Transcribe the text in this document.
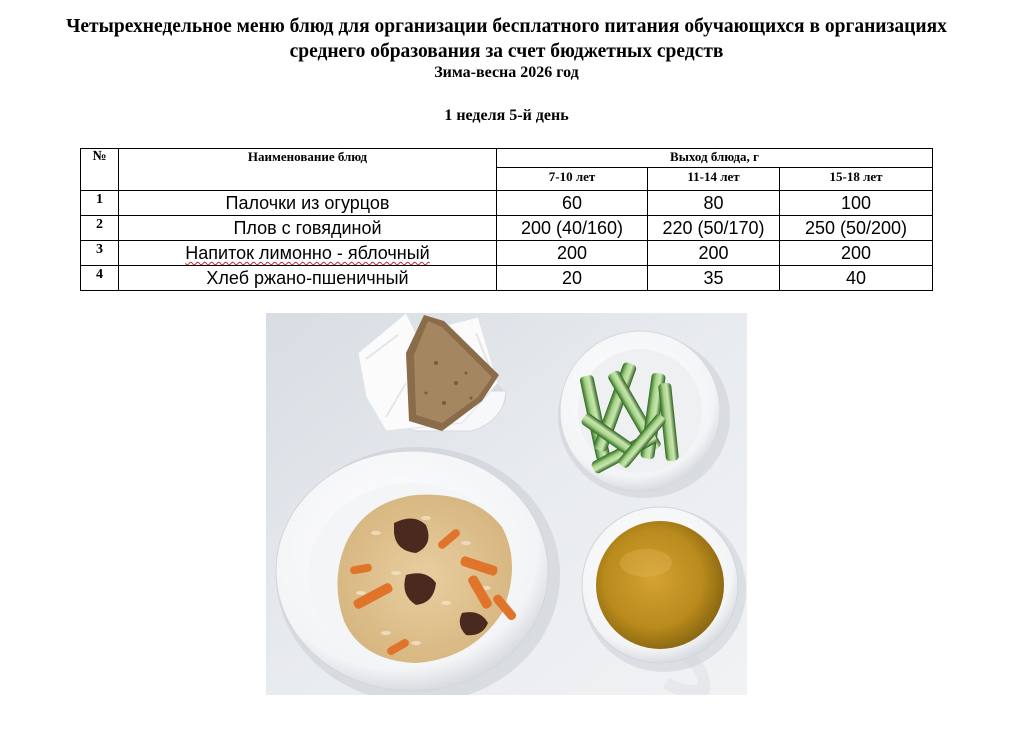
Четырехнедельное меню блюд для организации бесплатного питания обучающихся в организациях
среднего образования за счет бюджетных средств
Зима-весна 2026 год
1 неделя 5-й день
№	Наименование блюд	Выход блюда, г		
		7-10 лет	11-14 лет	15-18 лет
1	Палочки из огурцов	60	80	100
2	Плов с говядиной	200 (40/160)	220 (50/170)	250 (50/200)
3	Напиток лимонно - яблочный	200	200	200
4	Хлеб ржано-пшеничный	20	35	40
